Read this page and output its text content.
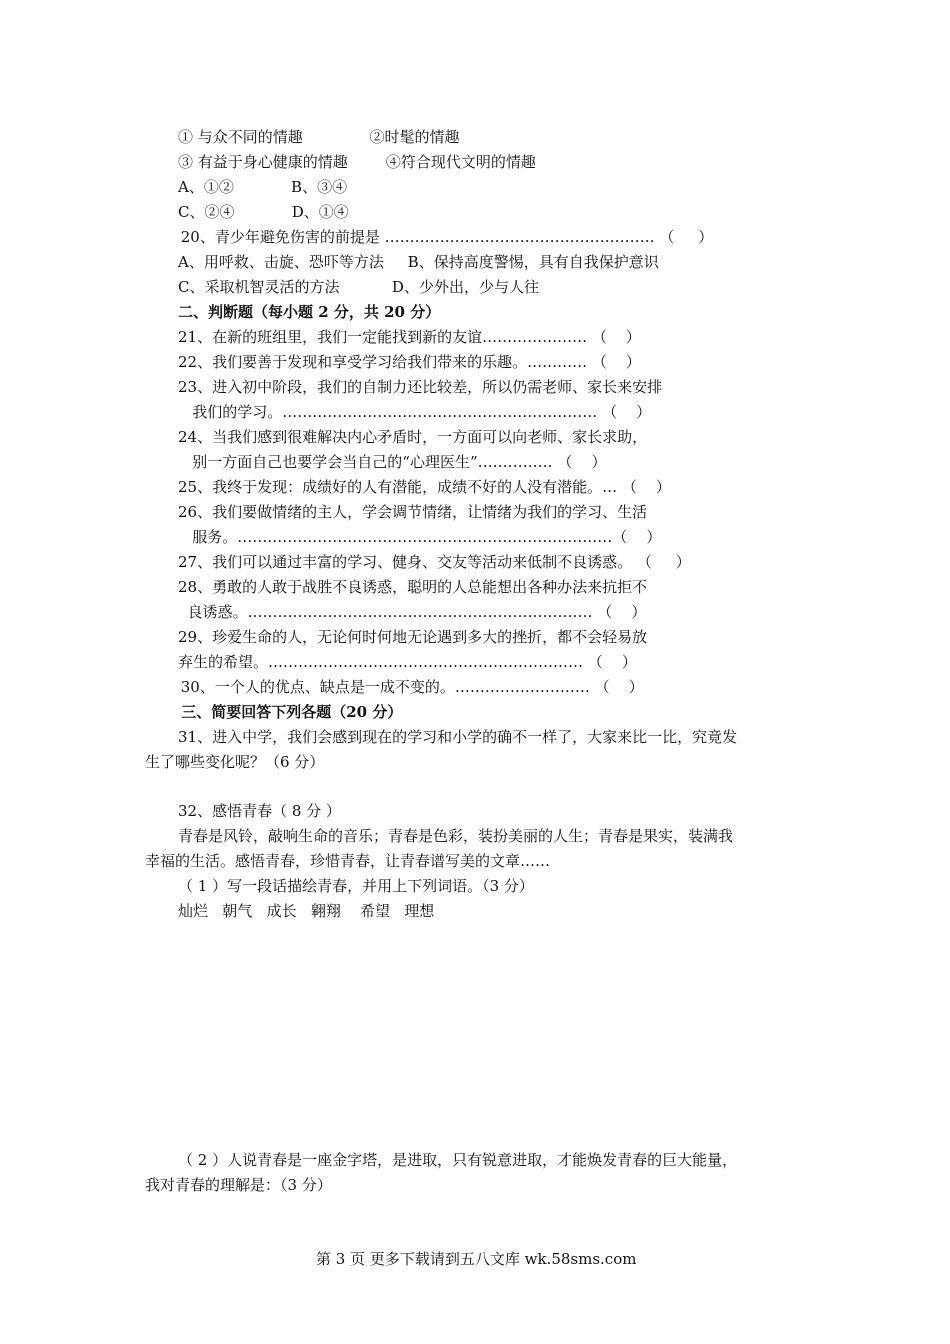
① 与众不同的情趣              ②时髦的情趣
③ 有益于身心健康的情趣        ④符合现代文明的情趣
A、①②            B、③④
C、②④            D、①④
20、青少年避免伤害的前提是 ……………………………………………… （     ）
A、用呼救、击旋、恐吓等方法     B、保持高度警惕，具有自我保护意识
C、采取机智灵活的方法           D、少外出，少与人往
二、判断题（每小题 2 分，共 20 分）
21、在新的班组里，我们一定能找到新的友谊………………… （    ）
22、我们要善于发现和享受学习给我们带来的乐趣。………… （    ）
23、进入初中阶段，我们的自制力还比较差，所以仍需老师、家长来安排
我们的学习。……………………………………………………… （    ）
24、当我们感到很难解决内心矛盾时，一方面可以向老师、家长求助，
别一方面自己也要学会当自己的“心理医生”…………… （    ）
25、我终于发现：成绩好的人有潜能，成绩不好的人没有潜能。… （    ）
26、我们要做情绪的主人，学会调节情绪，让情绪为我们的学习、生活
服务。…………………………………………………………………（    ）
27、我们可以通过丰富的学习、健身、交友等活动来低制不良诱惑。 （     ）
28、勇敢的人敢于战胜不良诱惑，聪明的人总能想出各种办法来抗拒不
良诱惑。…………………………………………………………… （    ）
29、珍爱生命的人，无论何时何地无论遇到多大的挫折，都不会轻易放
弃生的希望。……………………………………………………… （    ）
30、一个人的优点、缺点是一成不变的。……………………… （    ）
三、简要回答下列各题（20 分）
31、进入中学，我们会感到现在的学习和小学的确不一样了，大家来比一比，究竟发
生了哪些变化呢？（6 分）
32、感悟青春（ 8 分 ）
青春是风铃，敲响生命的音乐；青春是色彩，装扮美丽的人生；青春是果实，装满我
幸福的生活。感悟青春，珍惜青春，让青春谱写美的文章……
（ 1 ）写一段话描绘青春，并用上下列词语。（3 分）
灿烂   朝气   成长   翱翔    希望   理想
（ 2 ）人说青春是一座金字塔，是进取，只有锐意进取，才能焕发青春的巨大能量，
我对青春的理解是：（3 分）
第 3 页 更多下载请到五八文库 wk.58sms.com
